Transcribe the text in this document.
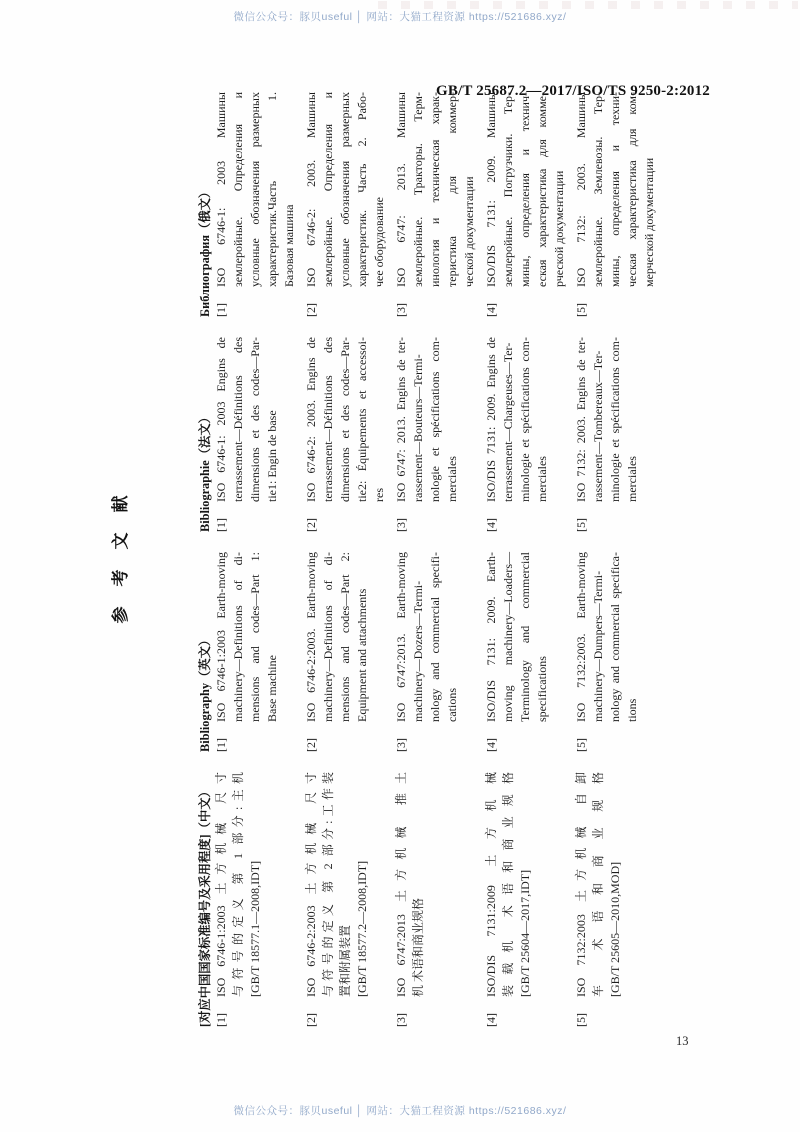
微信公众号：豚贝useful │ 网站：大猫工程资源 https://521686.xyz/
GB/T 25687.2—2017/ISO/TS 9250-2:2012
参考文献
[对应中国国家标准编号及采用程度]（中文） [1]
ISO 6746-1:2003 土方机械 尺寸 与符号的定义 第 1 部分:主机 [GB/T 18577.1—2008,IDT]
[2]
ISO 6746-2:2003 土方机械 尺寸 与符号的定义 第 2 部分:工作装 置和附属装置 [GB/T 18577.2—2008,IDT]
[3]
ISO 6747:2013 土方机械 推土 机 术语和商业规格
[4]
ISO/DIS 7131:2009 土方机械 装载机 术语和商业规格 [GB/T 25604—2017,IDT]
[5]
ISO 7132:2003 土方机械 自卸 车 术语和商业规格 [GB/T 25605—2010,MOD]
Bibliography（英文） [1]
ISO 6746-1:2003 Earth-moving machinery—Definitions of di- mensions and codes—Part 1: Base machine
[2]
ISO 6746-2:2003. Earth-moving machinery—Definitions of di- mensions and codes—Part 2: Equipment and attachments
[3]
ISO 6747:2013. Earth-moving machinery—Dozers—Termi- nology and commercial specifi- cations
[4]
ISO/DIS 7131: 2009. Earth- moving machinery—Loaders— Terminology and commercial specifications
[5]
ISO 7132:2003. Earth-moving machinery—Dumpers—Termi- nology and commercial specifica- tions
Bibliographie（法文） [1]
ISO 6746-1: 2003 Engins de terrassement—Définitions des dimensions et des codes—Par- tie1: Engin de base
[2]
ISO 6746-2: 2003. Engins de terrassement—Définitions des dimensions et des codes—Par- tie2: Équipements et accessoi- res
[3]
ISO 6747: 2013. Engins de ter- rassement—Bouteurs—Termi- nologie et spécifications com- merciales
[4]
ISO/DIS 7131: 2009. Engins de terrassement—Chargeuses—Ter- minologie et spécifications com- merciales
[5]
ISO 7132: 2003. Engins de ter- rassement—Tombereaux—Ter- minologie et spécifications com- merciales
Библиография（俄文） [1]
ISO 6746-1: 2003 Машины землеройные. Определения и условные обозначения размерных характеристик.Часть 1. Базовая машина
[2]
ISO 6746-2: 2003. Машины землеройные. Определения и условные обозначения размерных характеристик. Часть 2. Рабо- чее оборудование
[3]
ISO 6747: 2013. Машины землеройные. Тракторы. Терм- инология и техническая харак- теристика для коммер- ческой документации
[4]
ISO/DIS 7131: 2009. Машины землеройные. Погрузчики. Тер- мины, определения и технич- еская характеристика для комме- рческой документации
[5]
ISO 7132: 2003. Машины землеройные. Землевозы. Тер- мины, определения и техни- ческая характеристика для ком- мерческой документации
13
微信公众号：豚贝useful │ 网站：大猫工程资源 https://521686.xyz/
